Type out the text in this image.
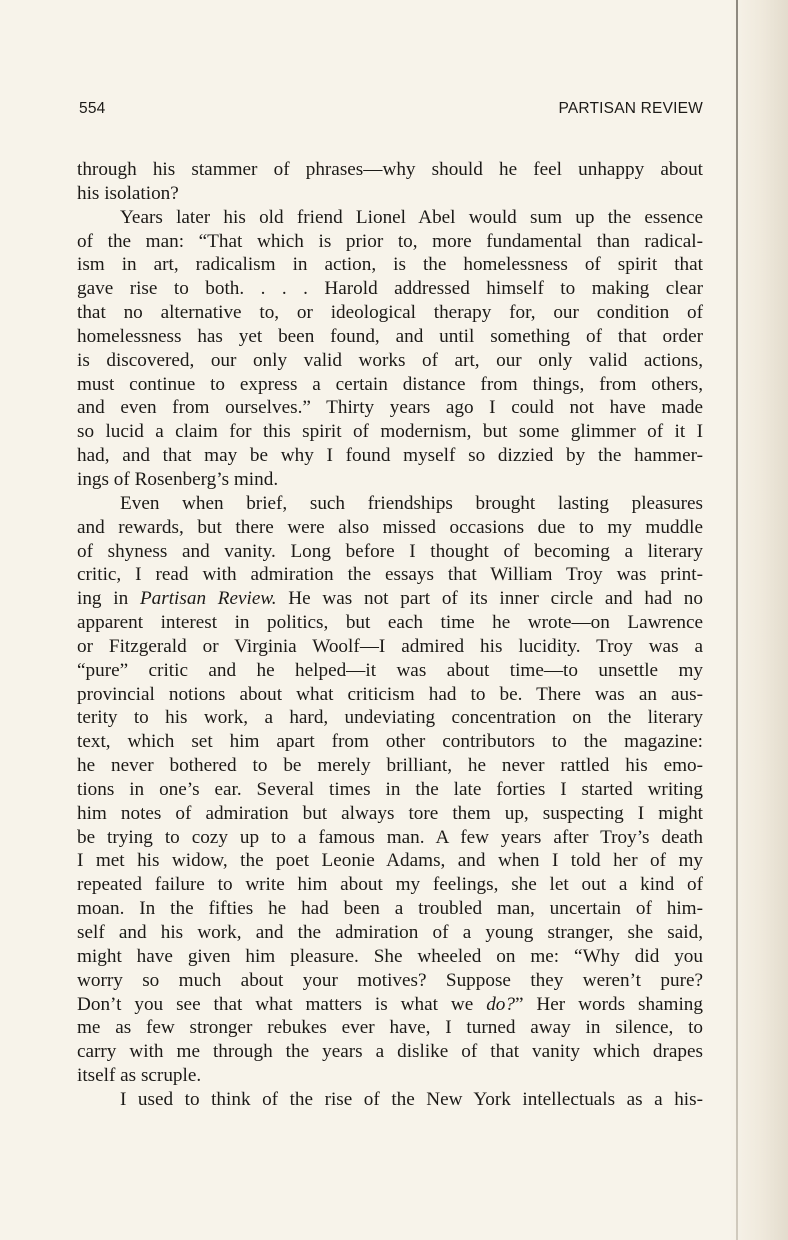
554	PARTISAN REVIEW
through his stammer of phrases—why should he feel unhappy about
his isolation?
Years later his old friend Lionel Abel would sum up the essence
of the man: “That which is prior to, more fundamental than radical-
ism in art, radicalism in action, is the homelessness of spirit that
gave rise to both. . . . Harold addressed himself to making clear
that no alternative to, or ideological therapy for, our condition of
homelessness has yet been found, and until something of that order
is discovered, our only valid works of art, our only valid actions,
must continue to express a certain distance from things, from others,
and even from ourselves.” Thirty years ago I could not have made
so lucid a claim for this spirit of modernism, but some glimmer of it I
had, and that may be why I found myself so dizzied by the hammer-
ings of Rosenberg’s mind.
Even when brief, such friendships brought lasting pleasures
and rewards, but there were also missed occasions due to my muddle
of shyness and vanity. Long before I thought of becoming a literary
critic, I read with admiration the essays that William Troy was print-
ing in Partisan Review. He was not part of its inner circle and had no
apparent interest in politics, but each time he wrote—on Lawrence
or Fitzgerald or Virginia Woolf—I admired his lucidity. Troy was a
“pure” critic and he helped—it was about time—to unsettle my
provincial notions about what criticism had to be. There was an aus-
terity to his work, a hard, undeviating concentration on the literary
text, which set him apart from other contributors to the magazine:
he never bothered to be merely brilliant, he never rattled his emo-
tions in one’s ear. Several times in the late forties I started writing
him notes of admiration but always tore them up, suspecting I might
be trying to cozy up to a famous man. A few years after Troy’s death
I met his widow, the poet Leonie Adams, and when I told her of my
repeated failure to write him about my feelings, she let out a kind of
moan. In the fifties he had been a troubled man, uncertain of him-
self and his work, and the admiration of a young stranger, she said,
might have given him pleasure. She wheeled on me: “Why did you
worry so much about your motives? Suppose they weren’t pure?
Don’t you see that what matters is what we do?” Her words shaming
me as few stronger rebukes ever have, I turned away in silence, to
carry with me through the years a dislike of that vanity which drapes
itself as scruple.
I used to think of the rise of the New York intellectuals as a his-
